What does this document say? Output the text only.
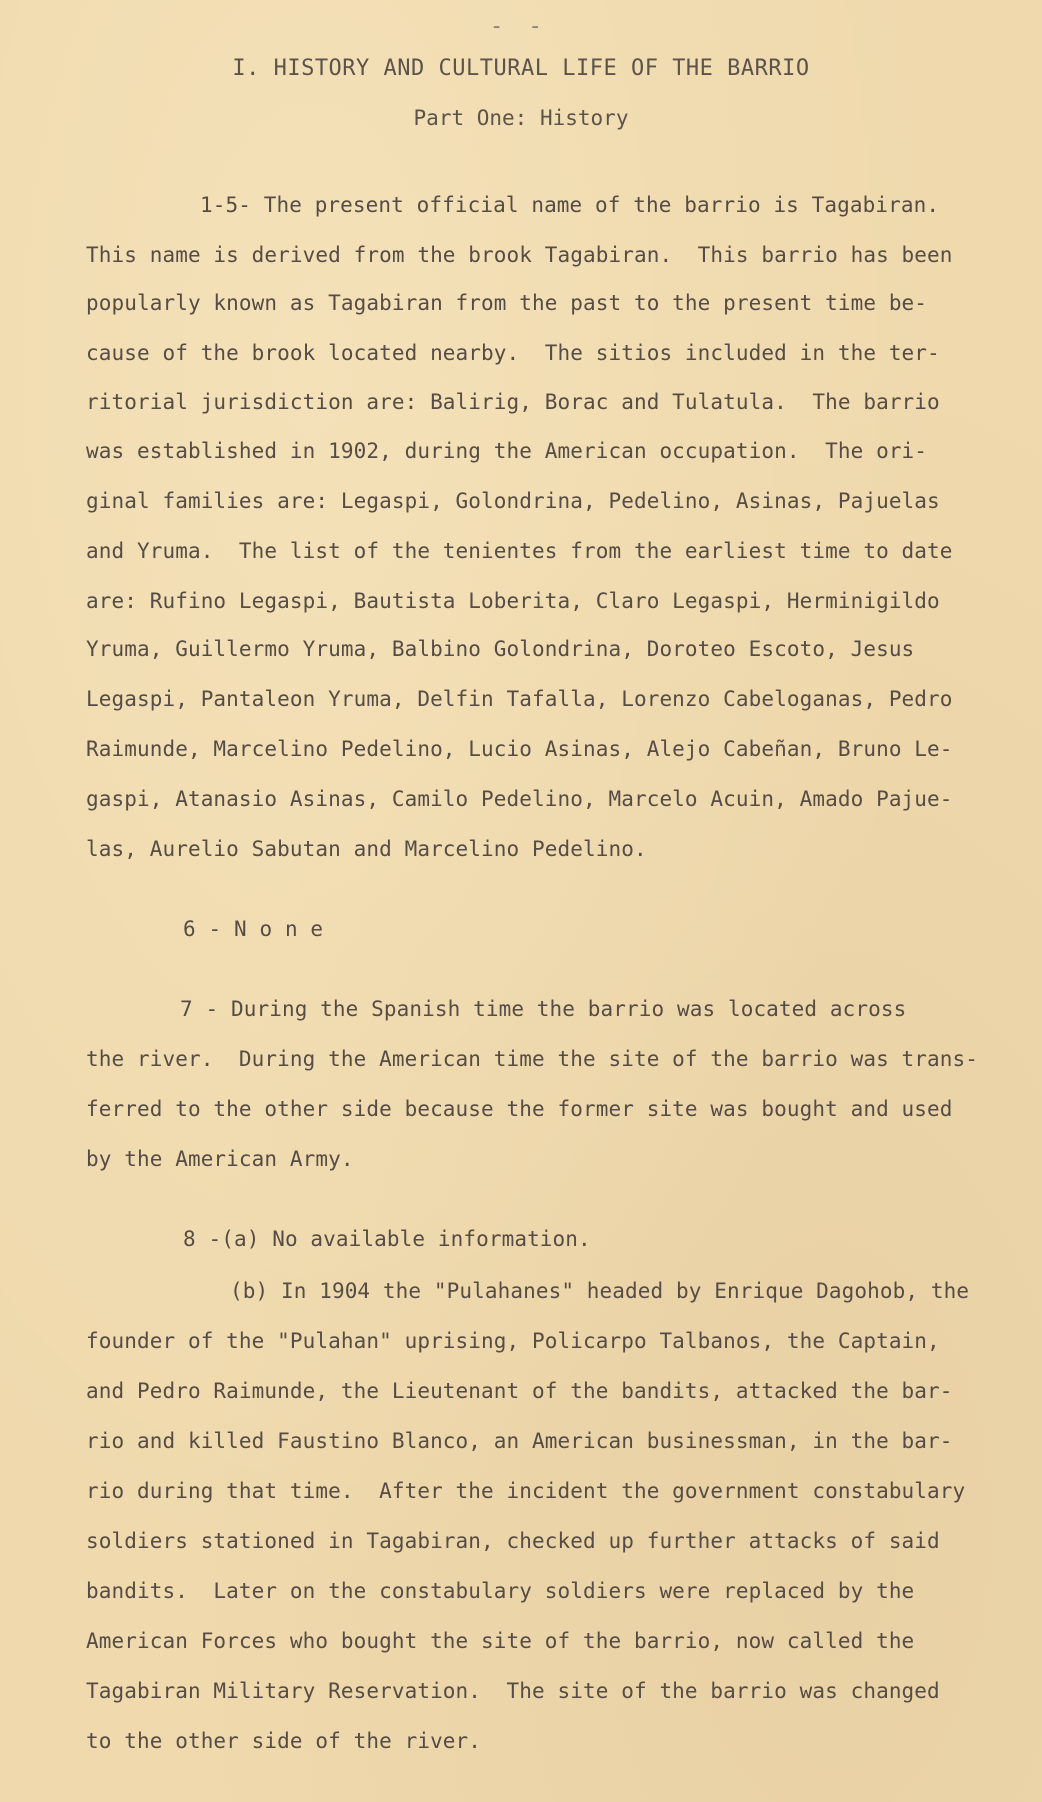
- -
I. HISTORY AND CULTURAL LIFE OF THE BARRIO
Part One: History
1-5- The present official name of the barrio is Tagabiran.
This name is derived from the brook Tagabiran.  This barrio has been
popularly known as Tagabiran from the past to the present time be-
cause of the brook located nearby.  The sitios included in the ter-
ritorial jurisdiction are: Balirig, Borac and Tulatula.  The barrio
was established in 1902, during the American occupation.  The ori-
ginal families are: Legaspi, Golondrina, Pedelino, Asinas, Pajuelas
and Yruma.  The list of the tenientes from the earliest time to date
are: Rufino Legaspi, Bautista Loberita, Claro Legaspi, Herminigildo
Yruma, Guillermo Yruma, Balbino Golondrina, Doroteo Escoto, Jesus
Legaspi, Pantaleon Yruma, Delfin Tafalla, Lorenzo Cabeloganas, Pedro
Raimunde, Marcelino Pedelino, Lucio Asinas, Alejo Cabeñan, Bruno Le-
gaspi, Atanasio Asinas, Camilo Pedelino, Marcelo Acuin, Amado Pajue-
las, Aurelio Sabutan and Marcelino Pedelino.
6 - N o n e
7 - During the Spanish time the barrio was located across
the river.  During the American time the site of the barrio was trans-
ferred to the other side because the former site was bought and used
by the American Army.
8 -(a) No available information.
(b) In 1904 the "Pulahanes" headed by Enrique Dagohob, the
founder of the "Pulahan" uprising, Policarpo Talbanos, the Captain,
and Pedro Raimunde, the Lieutenant of the bandits, attacked the bar-
rio and killed Faustino Blanco, an American businessman, in the bar-
rio during that time.  After the incident the government constabulary
soldiers stationed in Tagabiran, checked up further attacks of said
bandits.  Later on the constabulary soldiers were replaced by the
American Forces who bought the site of the barrio, now called the
Tagabiran Military Reservation.  The site of the barrio was changed
to the other side of the river.
